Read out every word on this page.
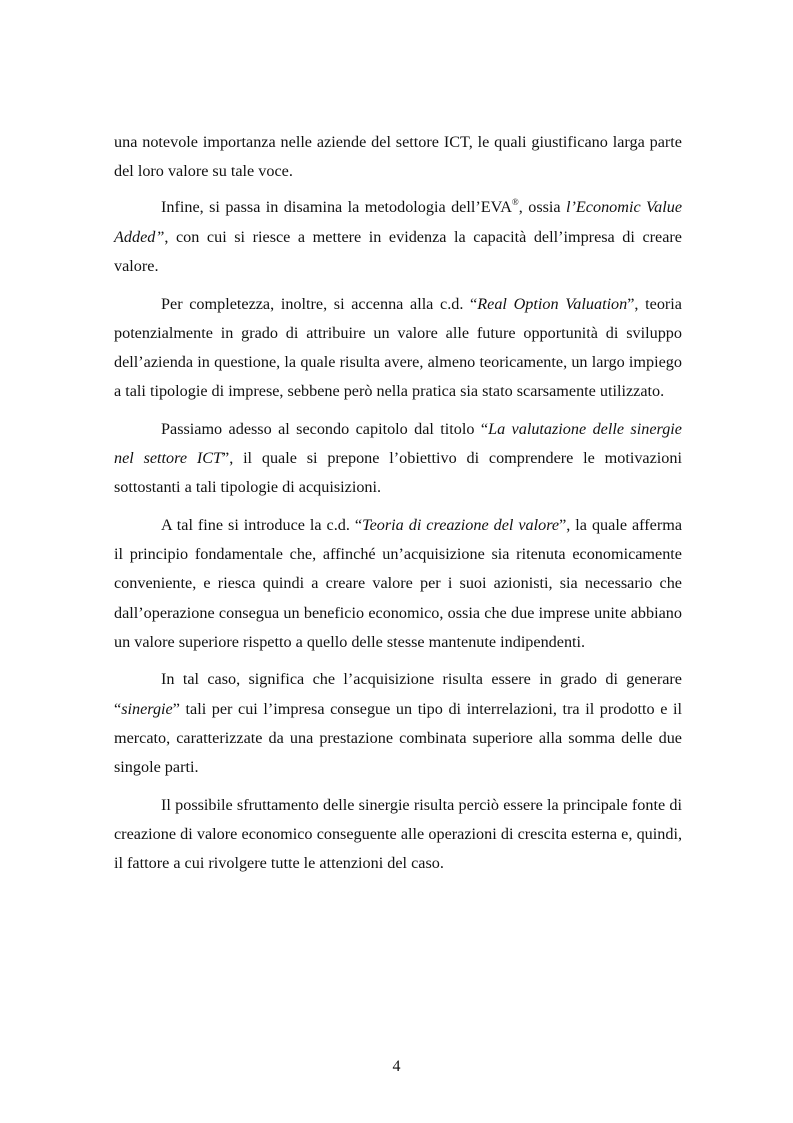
una notevole importanza nelle aziende del settore ICT, le quali giustificano larga parte del loro valore su tale voce.

Infine, si passa in disamina la metodologia dell’EVA®, ossia l’Economic Value Added”, con cui si riesce a mettere in evidenza la capacità dell’impresa di creare valore.

Per completezza, inoltre, si accenna alla c.d. “Real Option Valuation”, teoria potenzialmente in grado di attribuire un valore alle future opportunità di sviluppo dell’azienda in questione, la quale risulta avere, almeno teoricamente, un largo impiego a tali tipologie di imprese, sebbene però nella pratica sia stato scarsamente utilizzato.

Passiamo adesso al secondo capitolo dal titolo “La valutazione delle sinergie nel settore ICT”, il quale si prepone l’obiettivo di comprendere le motivazioni sottostanti a tali tipologie di acquisizioni.

A tal fine si introduce la c.d. “Teoria di creazione del valore”, la quale afferma il principio fondamentale che, affinché un’acquisizione sia ritenuta economicamente conveniente, e riesca quindi a creare valore per i suoi azionisti, sia necessario che dall’operazione consegua un beneficio economico, ossia che due imprese unite abbiano un valore superiore rispetto a quello delle stesse mantenute indipendenti.

In tal caso, significa che l’acquisizione risulta essere in grado di generare “sinergie” tali per cui l’impresa consegue un tipo di interrelazioni, tra il prodotto e il mercato, caratterizzate da una prestazione combinata superiore alla somma delle due singole parti.

Il possibile sfruttamento delle sinergie risulta perciò essere la principale fonte di creazione di valore economico conseguente alle operazioni di crescita esterna e, quindi, il fattore a cui rivolgere tutte le attenzioni del caso.

4
